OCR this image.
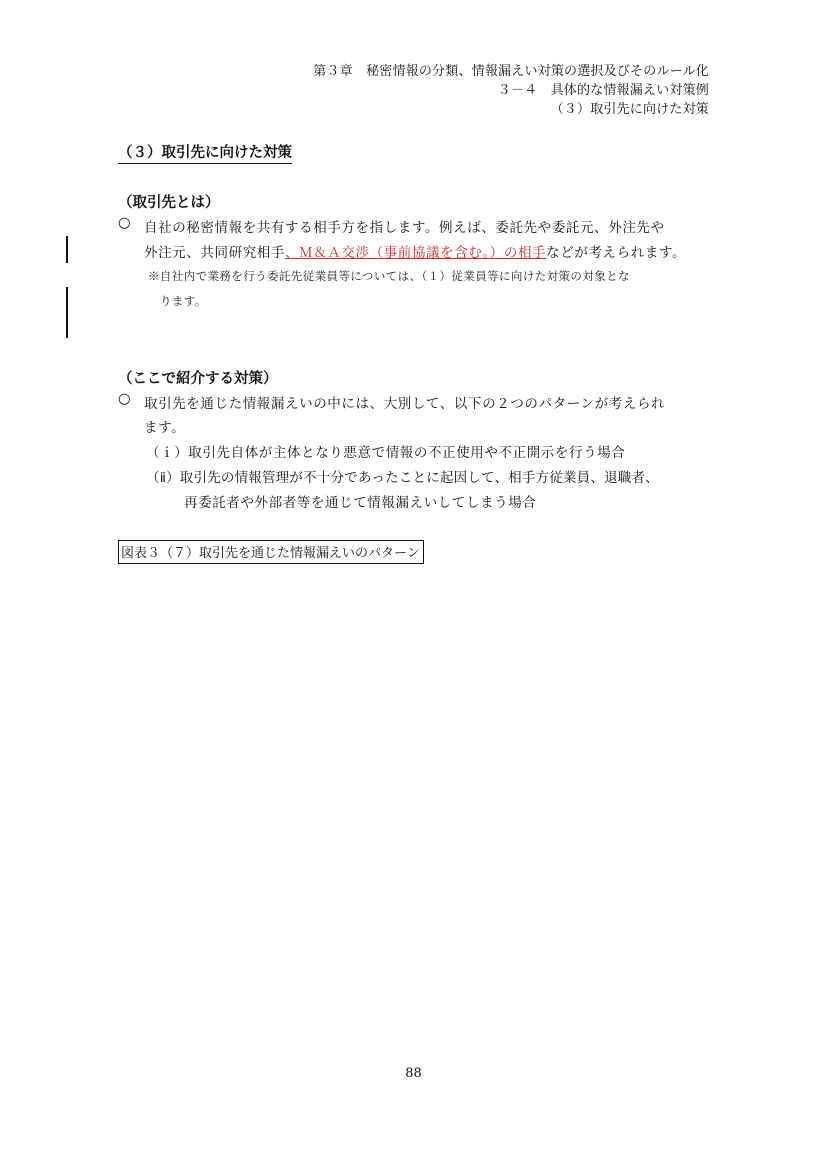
第３章　秘密情報の分類、情報漏えい対策の選択及びそのルール化
３－４　具体的な情報漏えい対策例
（３）取引先に向けた対策
（３）取引先に向けた対策
（取引先とは）
○ 自社の秘密情報を共有する相手方を指します。例えば、委託先や委託元、外注先や
外注元、共同研究相手、Ｍ＆Ａ交渉（事前協議を含む。）の相手などが考えられます。
※自社内で業務を行う委託先従業員等については、（１）従業員等に向けた対策の対象とな
ります。
（ここで紹介する対策）
○ 取引先を通じた情報漏えいの中には、大別して、以下の２つのパターンが考えられ
ます。
（ｉ）取引先自体が主体となり悪意で情報の不正使用や不正開示を行う場合
（ⅱ）取引先の情報管理が不十分であったことに起因して、相手方従業員、退職者、
再委託者や外部者等を通じて情報漏えいしてしまう場合
図表３（７）取引先を通じた情報漏えいのパターン
88
